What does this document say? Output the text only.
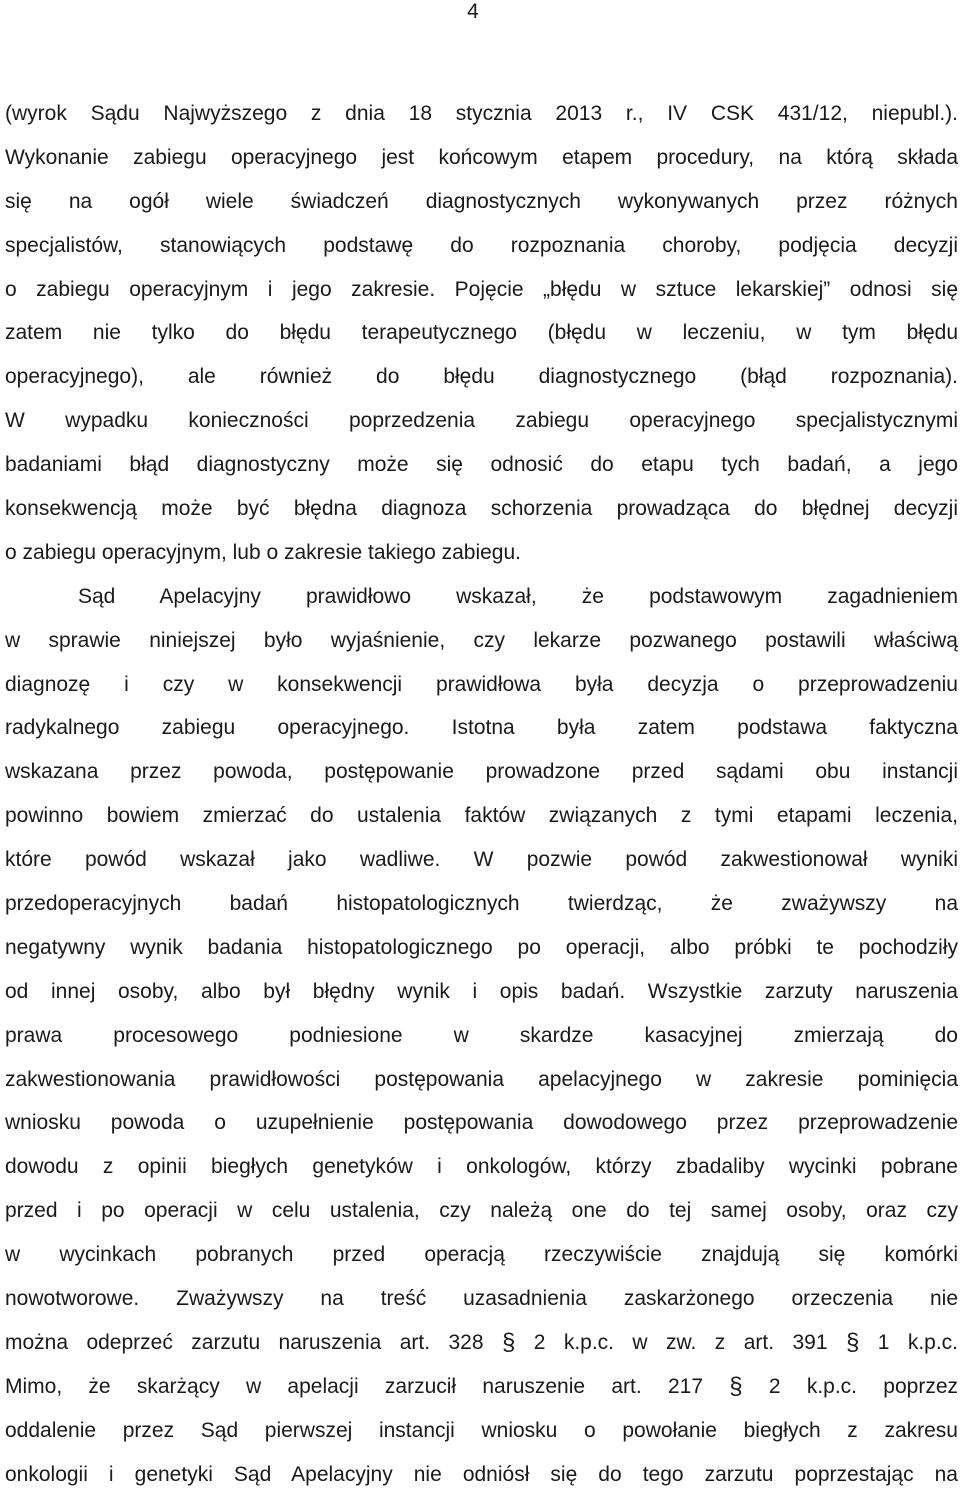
4
(wyrok Sądu Najwyższego z dnia 18 stycznia 2013 r., IV CSK 431/12, niepubl.).
Wykonanie zabiegu operacyjnego jest końcowym etapem procedury, na którą składa
się na ogół wiele świadczeń diagnostycznych wykonywanych przez różnych
specjalistów, stanowiących podstawę do rozpoznania choroby, podjęcia decyzji
o zabiegu operacyjnym i jego zakresie. Pojęcie „błędu w sztuce lekarskiej” odnosi się
zatem nie tylko do błędu terapeutycznego (błędu w leczeniu, w tym błędu
operacyjnego), ale również do błędu diagnostycznego (błąd rozpoznania).
W wypadku konieczności poprzedzenia zabiegu operacyjnego specjalistycznymi
badaniami błąd diagnostyczny może się odnosić do etapu tych badań, a jego
konsekwencją może być błędna diagnoza schorzenia prowadząca do błędnej decyzji
o zabiegu operacyjnym, lub o zakresie takiego zabiegu.
Sąd Apelacyjny prawidłowo wskazał, że podstawowym zagadnieniem
w sprawie niniejszej było wyjaśnienie, czy lekarze pozwanego postawili właściwą
diagnozę i czy w konsekwencji prawidłowa była decyzja o przeprowadzeniu
radykalnego zabiegu operacyjnego. Istotna była zatem podstawa faktyczna
wskazana przez powoda, postępowanie prowadzone przed sądami obu instancji
powinno bowiem zmierzać do ustalenia faktów związanych z tymi etapami leczenia,
które powód wskazał jako wadliwe. W pozwie powód zakwestionował wyniki
przedoperacyjnych badań histopatologicznych twierdząc, że zważywszy na
negatywny wynik badania histopatologicznego po operacji, albo próbki te pochodziły
od innej osoby, albo był błędny wynik i opis badań. Wszystkie zarzuty naruszenia
prawa procesowego podniesione w skardze kasacyjnej zmierzają do
zakwestionowania prawidłowości postępowania apelacyjnego w zakresie pominięcia
wniosku powoda o uzupełnienie postępowania dowodowego przez przeprowadzenie
dowodu z opinii biegłych genetyków i onkologów, którzy zbadaliby wycinki pobrane
przed i po operacji w celu ustalenia, czy należą one do tej samej osoby, oraz czy
w wycinkach pobranych przed operacją rzeczywiście znajdują się komórki
nowotworowe. Zważywszy na treść uzasadnienia zaskarżonego orzeczenia nie
można odeprzeć zarzutu naruszenia art. 328 § 2 k.p.c. w zw. z art. 391 § 1 k.p.c.
Mimo, że skarżący w apelacji zarzucił naruszenie art. 217 § 2 k.p.c. poprzez
oddalenie przez Sąd pierwszej instancji wniosku o powołanie biegłych z zakresu
onkologii i genetyki Sąd Apelacyjny nie odniósł się do tego zarzutu poprzestając na
